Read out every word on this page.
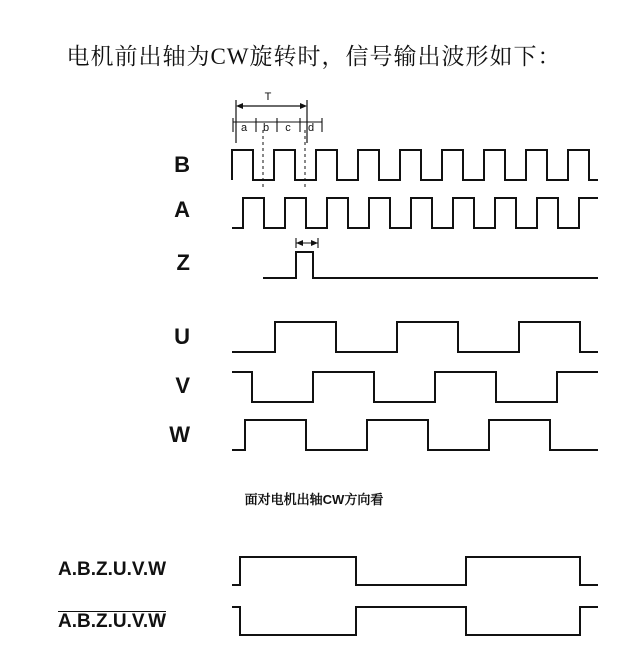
电机前出轴为CW旋转时，信号输出波形如下：
B
A
Z
U
V
W
T
a b c d
面对电机出轴CW方向看
A.B.Z.U.V.W
A.B.Z.U.V.W
